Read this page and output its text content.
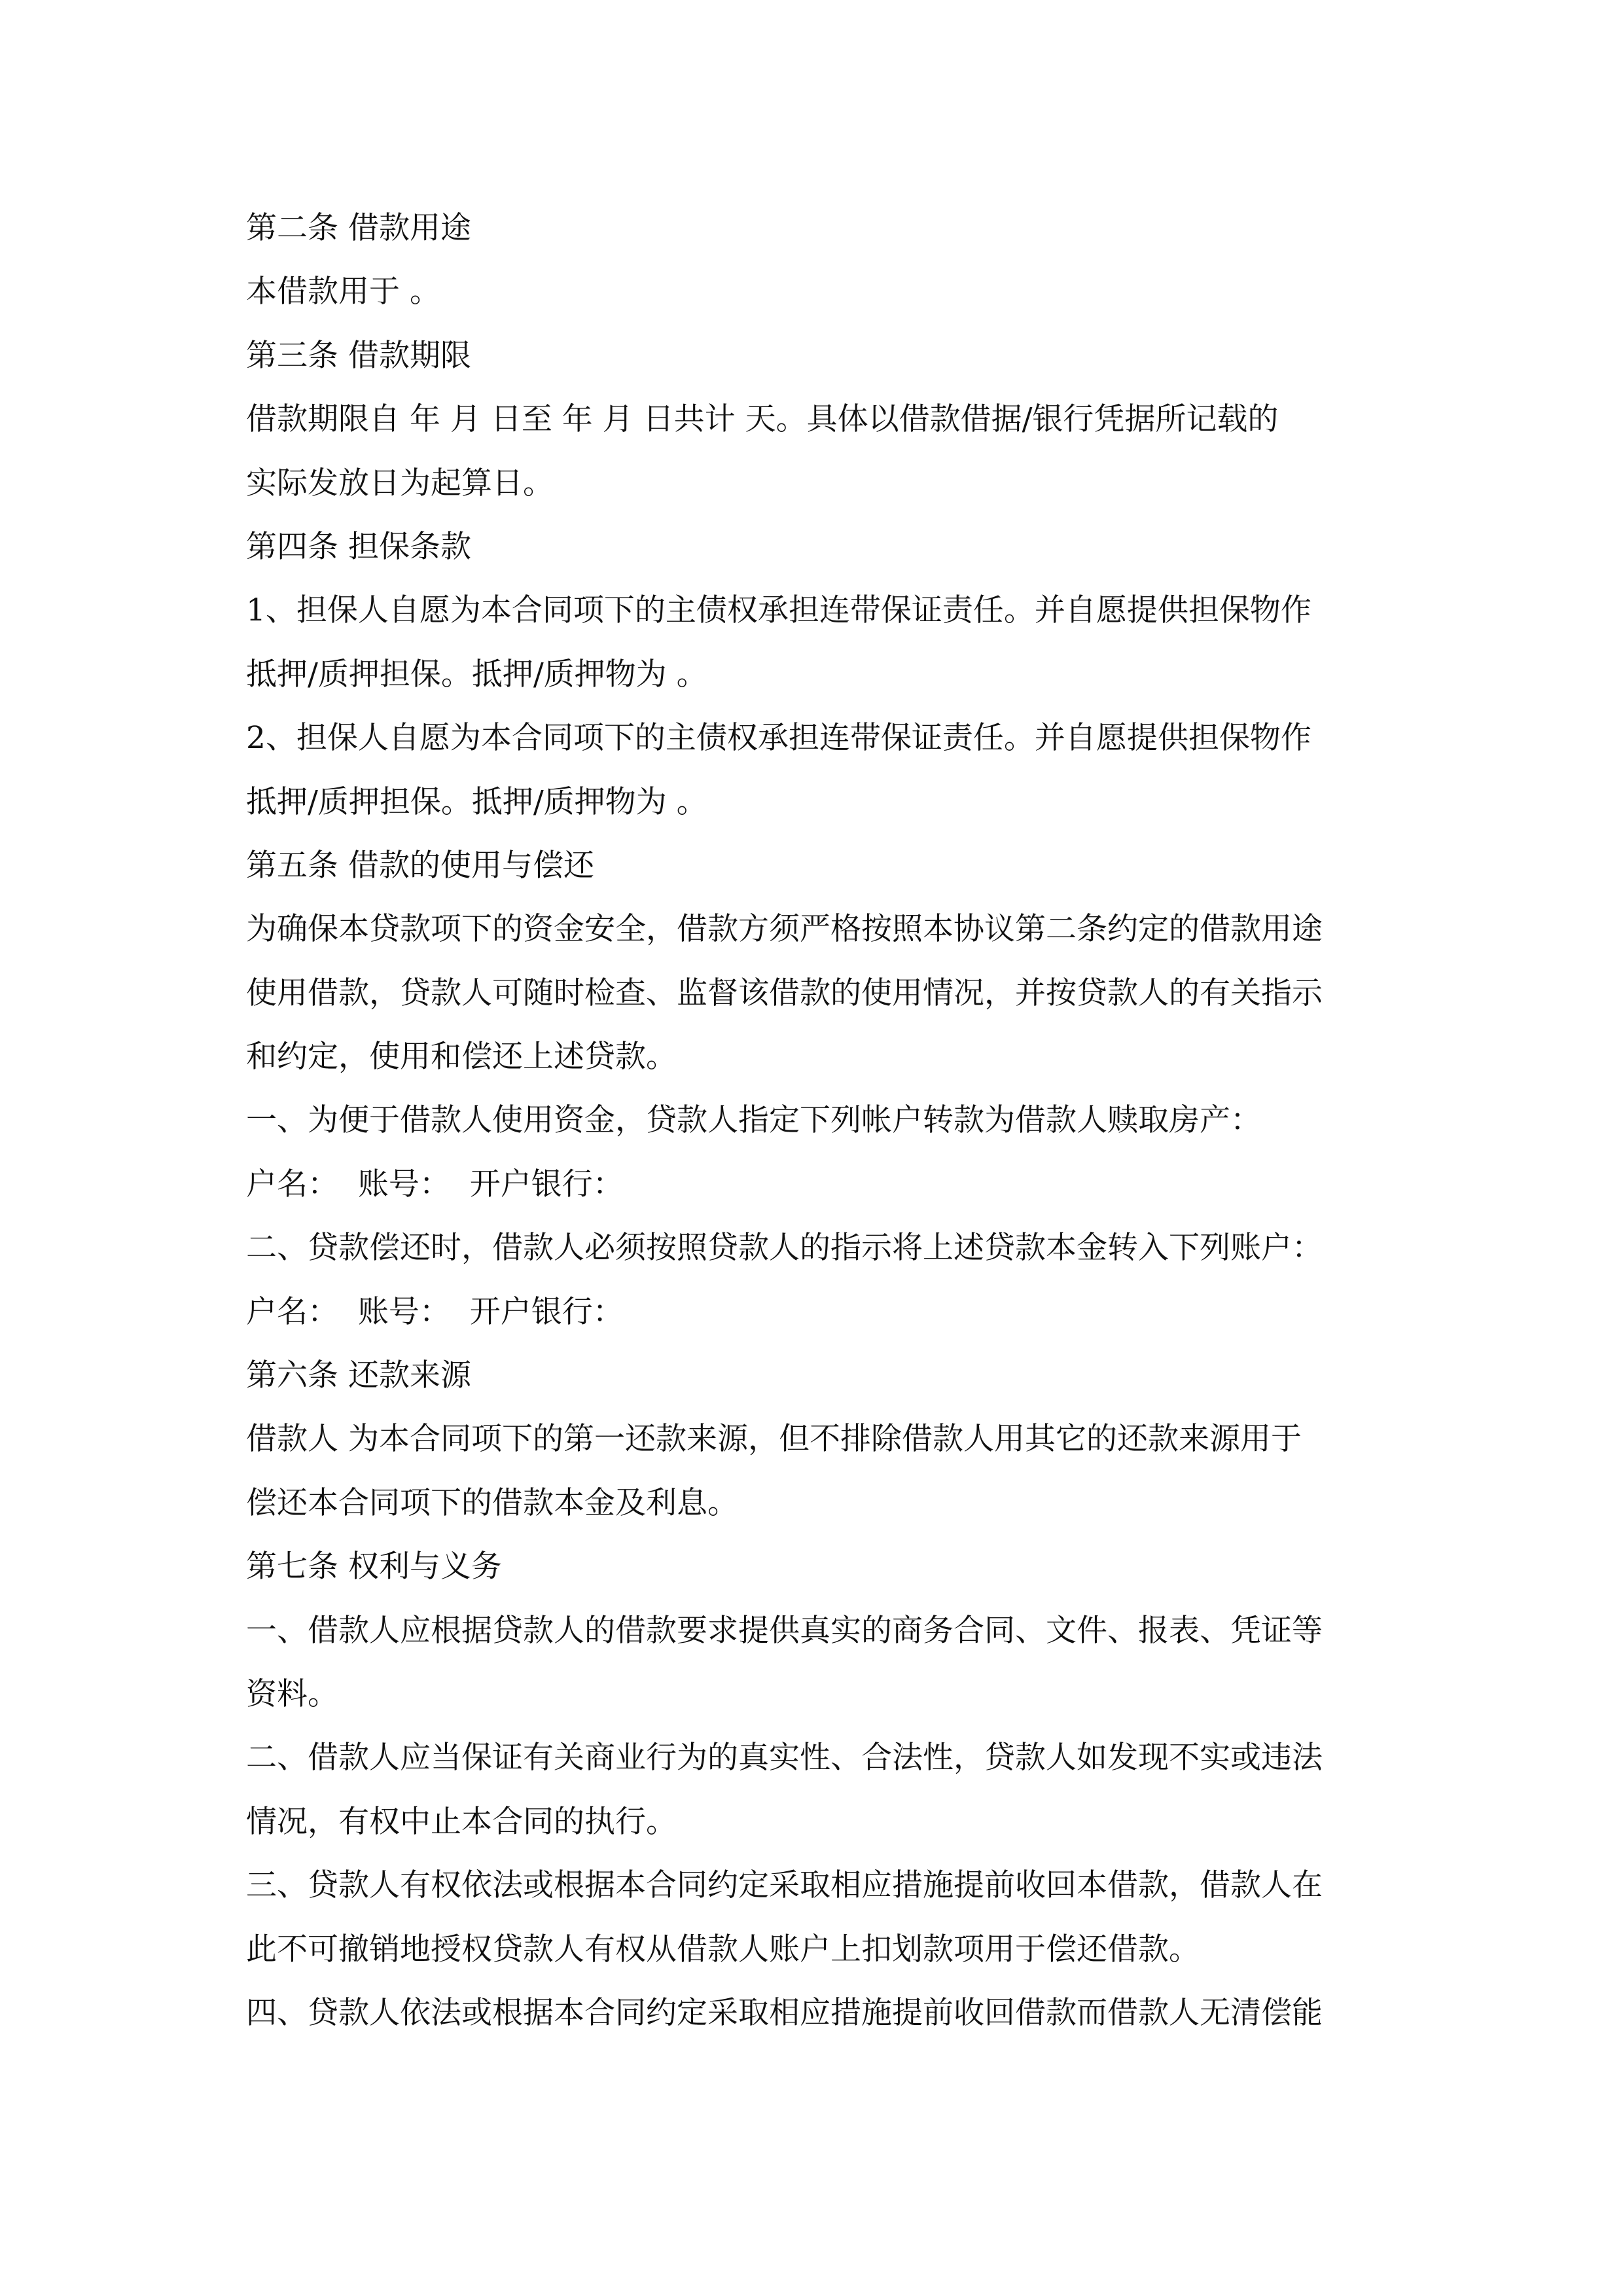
第二条 借款用途
本借款用于 。
第三条 借款期限
借款期限自 年 月 日至 年 月 日共计 天。具体以借款借据/银行凭据所记载的
实际发放日为起算日。
第四条 担保条款
1、担保人自愿为本合同项下的主债权承担连带保证责任。并自愿提供担保物作
抵押/质押担保。抵押/质押物为 。
2、担保人自愿为本合同项下的主债权承担连带保证责任。并自愿提供担保物作
抵押/质押担保。抵押/质押物为 。
第五条 借款的使用与偿还
为确保本贷款项下的资金安全，借款方须严格按照本协议第二条约定的借款用途
使用借款，贷款人可随时检查、监督该借款的使用情况，并按贷款人的有关指示
和约定，使用和偿还上述贷款。
一、为便于借款人使用资金，贷款人指定下列帐户转款为借款人赎取房产：
户名：  账号：  开户银行：
二、贷款偿还时，借款人必须按照贷款人的指示将上述贷款本金转入下列账户：
户名：  账号：  开户银行：
第六条 还款来源
借款人 为本合同项下的第一还款来源，但不排除借款人用其它的还款来源用于
偿还本合同项下的借款本金及利息。
第七条 权利与义务
一、借款人应根据贷款人的借款要求提供真实的商务合同、文件、报表、凭证等
资料。
二、借款人应当保证有关商业行为的真实性、合法性，贷款人如发现不实或违法
情况，有权中止本合同的执行。
三、贷款人有权依法或根据本合同约定采取相应措施提前收回本借款，借款人在
此不可撤销地授权贷款人有权从借款人账户上扣划款项用于偿还借款。
四、贷款人依法或根据本合同约定采取相应措施提前收回借款而借款人无清偿能
